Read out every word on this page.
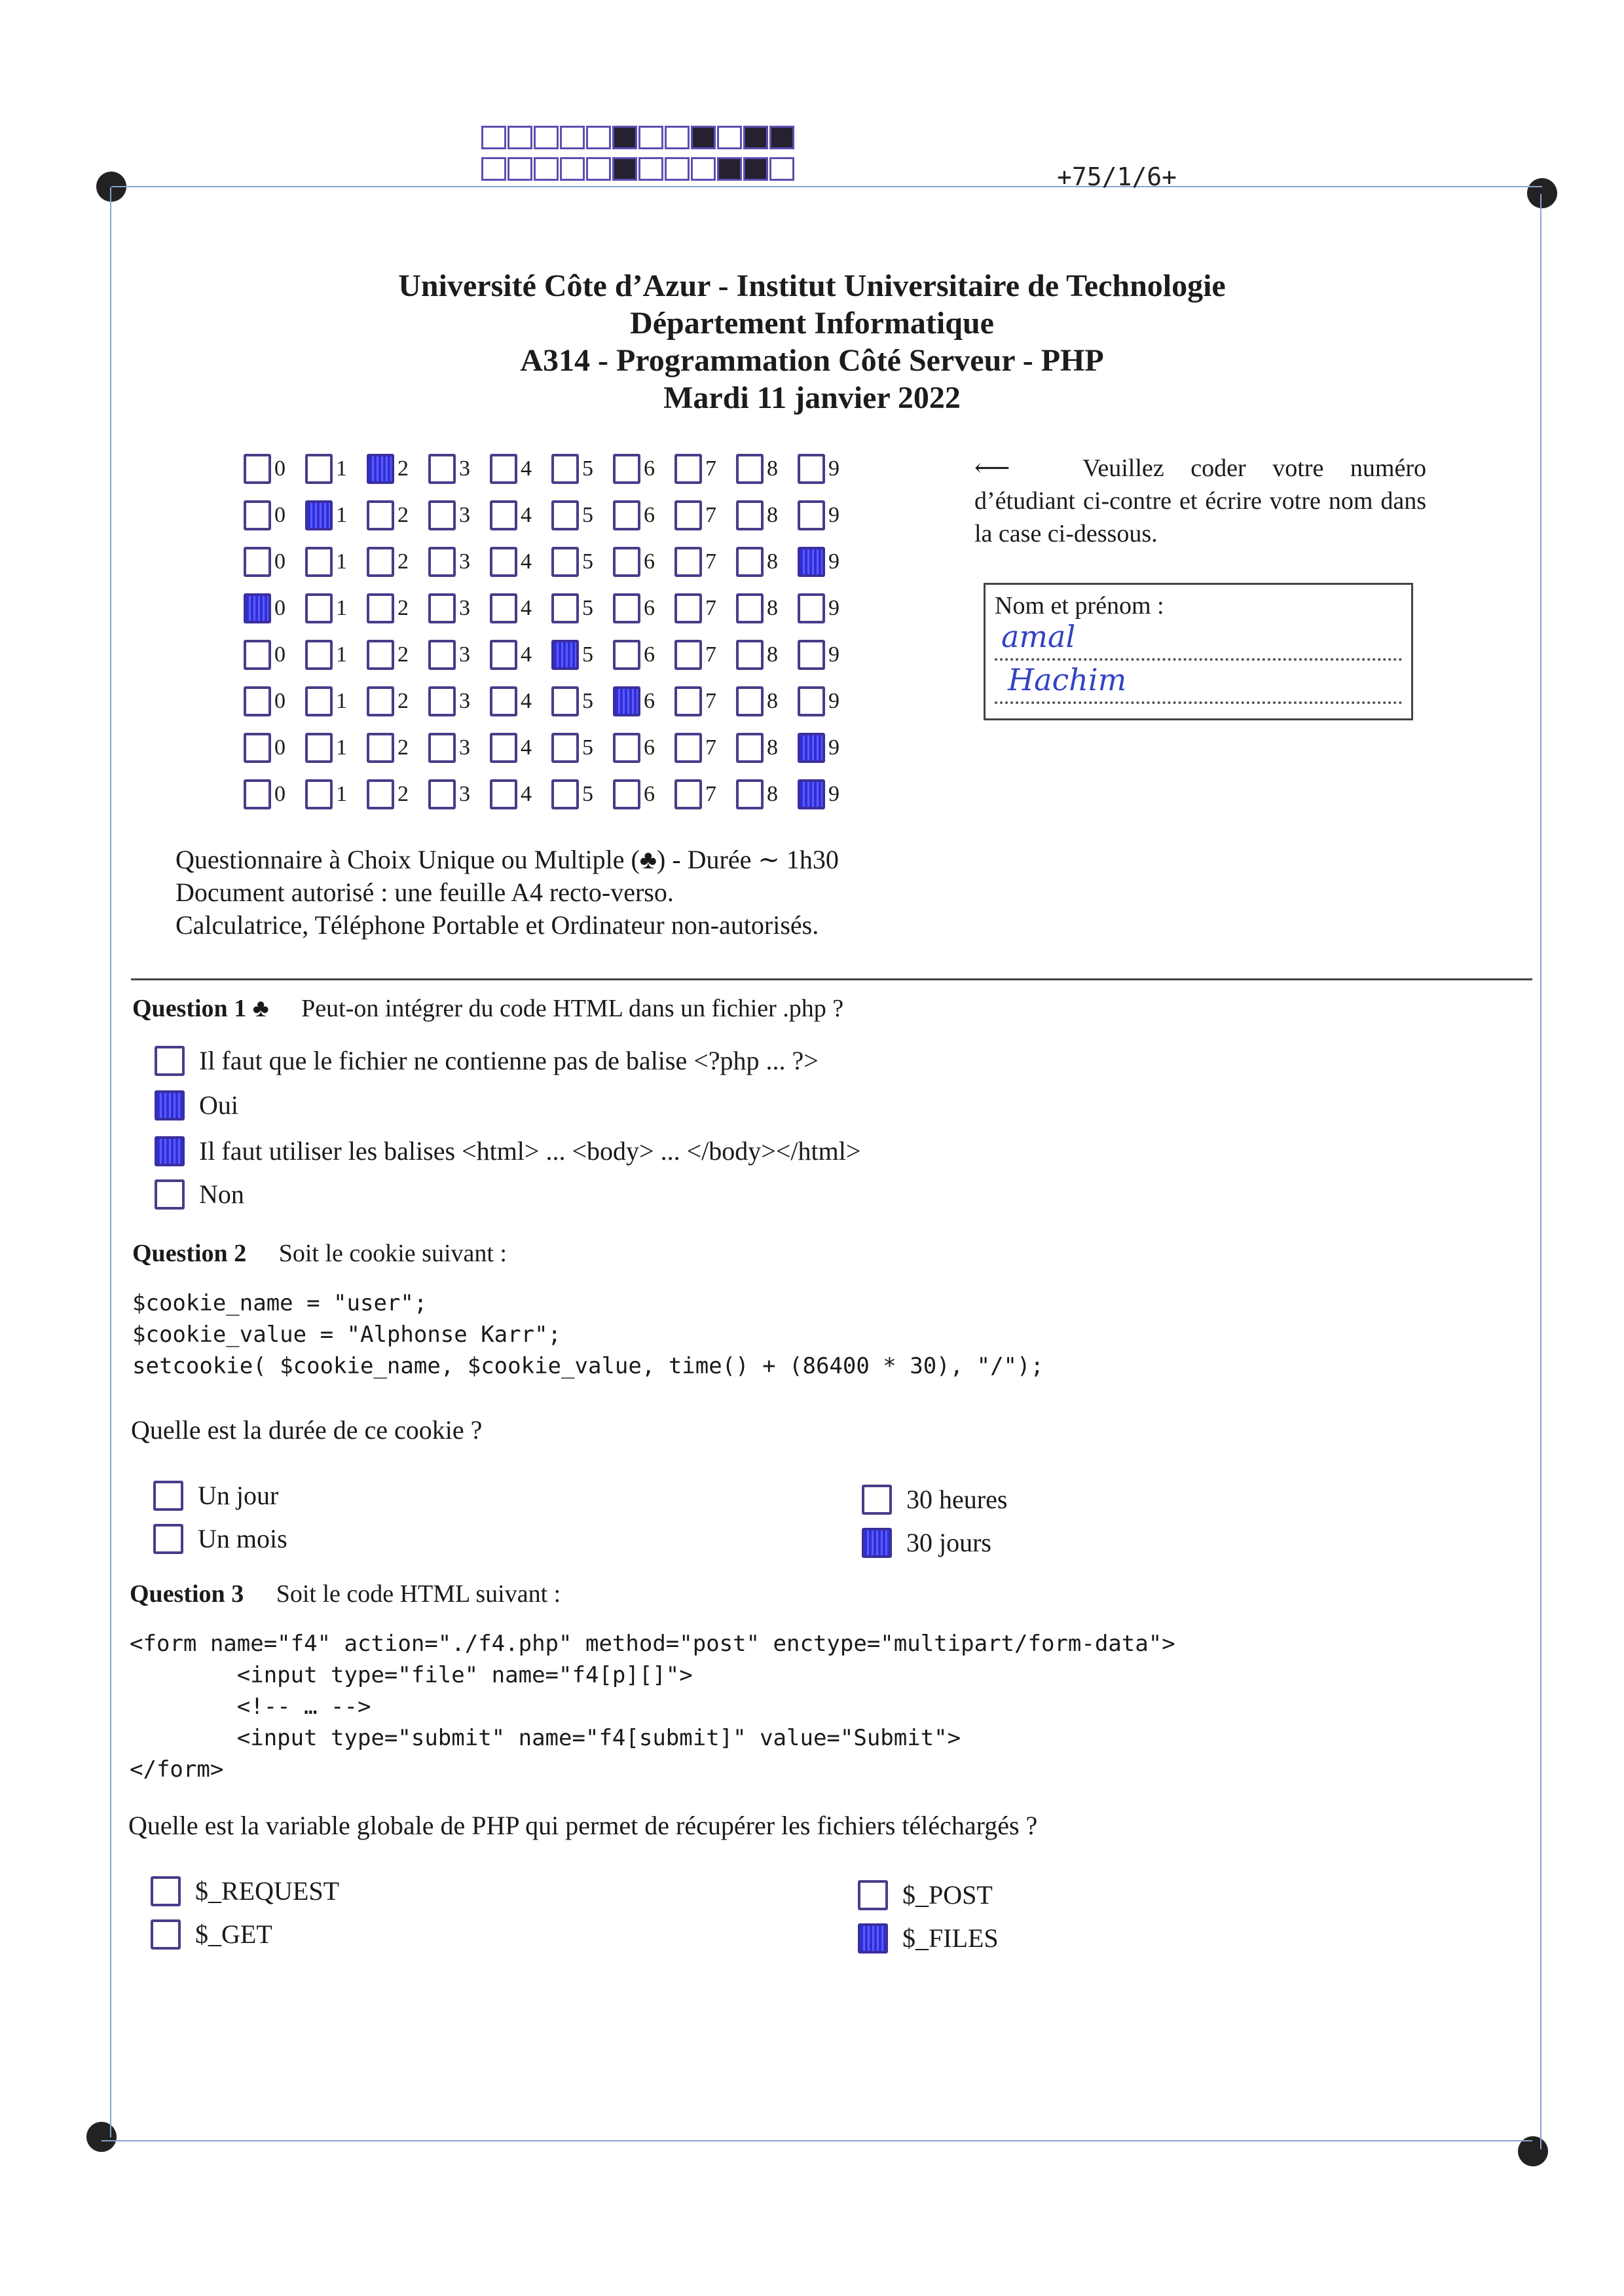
+75/1/6+
Université Côte d’Azur - Institut Universitaire de Technologie
Département Informatique
A314 - Programmation Côté Serveur - PHP
Mardi 11 janvier 2022
0 1 2 3 4 5 6 7 8 9
0 1 2 3 4 5 6 7 8 9
0 1 2 3 4 5 6 7 8 9
0 1 2 3 4 5 6 7 8 9
0 1 2 3 4 5 6 7 8 9
0 1 2 3 4 5 6 7 8 9
0 1 2 3 4 5 6 7 8 9
0 1 2 3 4 5 6 7 8 9
⟵	Veuillez coder votre numéro d’étudiant ci-contre et écrire votre nom dans la case ci-dessous.
Nom et prénom :
amal
Hachim
Questionnaire à Choix Unique ou Multiple (♣) - Durée ∼ 1h30
Document autorisé : une feuille A4 recto-verso.
Calculatrice, Téléphone Portable et Ordinateur non-autorisés.
Question 1 ♣ Peut-on intégrer du code HTML dans un fichier .php ?
Il faut que le fichier ne contienne pas de balise <?php ... ?>
Oui
Il faut utiliser les balises <html> ... <body> ... </body></html>
Non
Question 2 Soit le cookie suivant :
$cookie_name = "user";
$cookie_value = "Alphonse Karr";
setcookie( $cookie_name, $cookie_value, time() + (86400 * 30), "/");
Quelle est la durée de ce cookie ?
Un jour
Un mois
30 heures
30 jours
Question 3 Soit le code HTML suivant :
<form name="f4" action="./f4.php" method="post" enctype="multipart/form-data">
<input type="file" name="f4[p][]">
<!-- … -->
<input type="submit" name="f4[submit]" value="Submit">
</form>
Quelle est la variable globale de PHP qui permet de récupérer les fichiers téléchargés ?
$_REQUEST
$_GET
$_POST
$_FILES
